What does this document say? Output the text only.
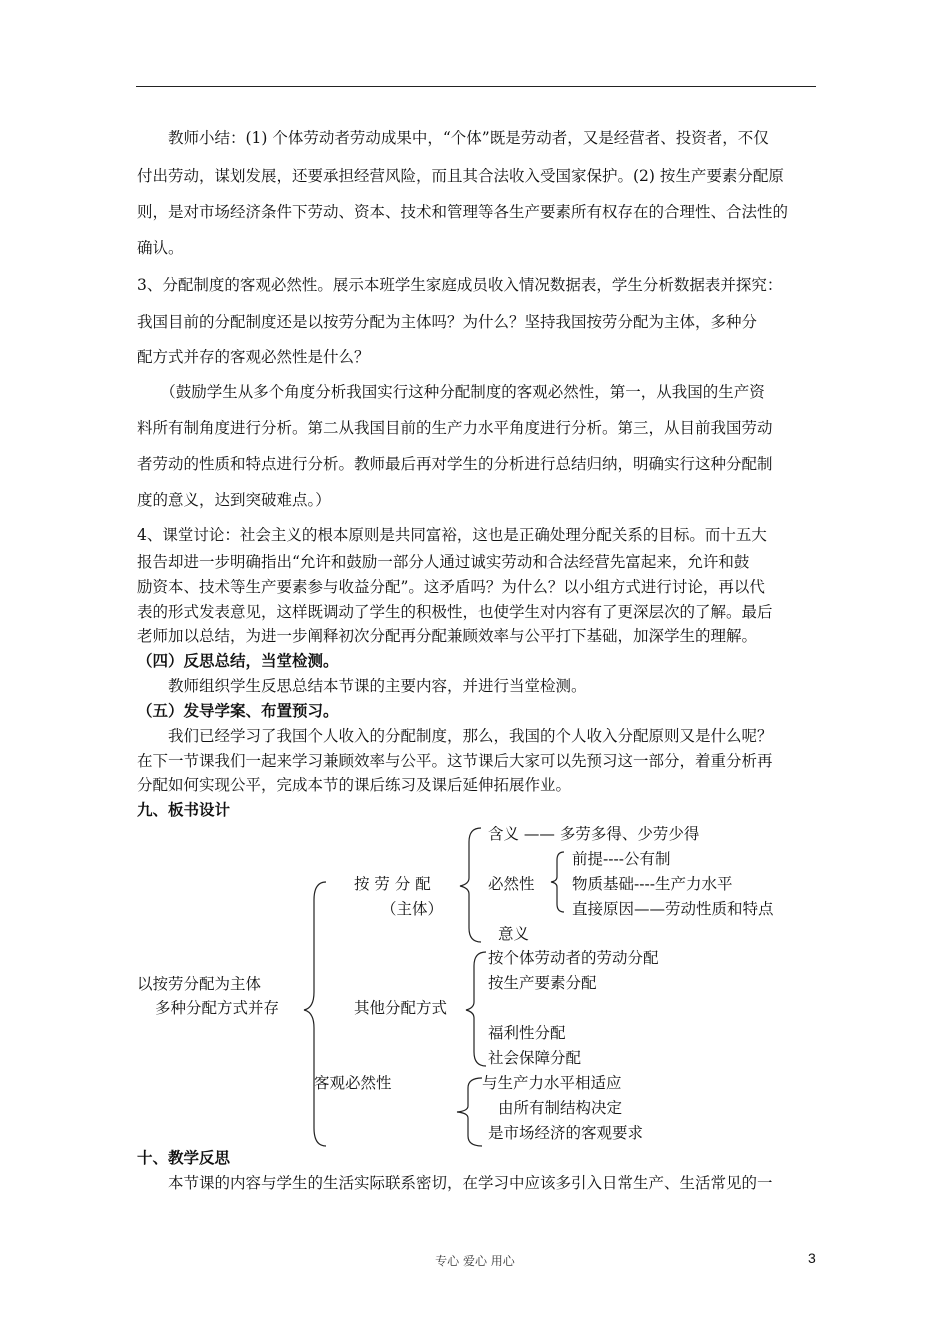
　　教师小结：(1) 个体劳动者劳动成果中，“个体”既是劳动者，又是经营者、投资者，不仅
付出劳动，谋划发展，还要承担经营风险，而且其合法收入受国家保护。(2) 按生产要素分配原
则，是对市场经济条件下劳动、资本、技术和管理等各生产要素所有权存在的合理性、合法性的
确认。
3、分配制度的客观必然性。展示本班学生家庭成员收入情况数据表，学生分析数据表并探究：
我国目前的分配制度还是以按劳分配为主体吗？为什么？坚持我国按劳分配为主体，多种分
配方式并存的客观必然性是什么？
　　（鼓励学生从多个角度分析我国实行这种分配制度的客观必然性，第一，从我国的生产资
料所有制角度进行分析。第二从我国目前的生产力水平角度进行分析。第三，从目前我国劳动
者劳动的性质和特点进行分析。教师最后再对学生的分析进行总结归纳，明确实行这种分配制
度的意义，达到突破难点。）
4、课堂讨论：社会主义的根本原则是共同富裕，这也是正确处理分配关系的目标。而十五大
报告却进一步明确指出“允许和鼓励一部分人通过诚实劳动和合法经营先富起来，允许和鼓
励资本、技术等生产要素参与收益分配”。这矛盾吗？为什么？以小组方式进行讨论，再以代
表的形式发表意见，这样既调动了学生的积极性，也使学生对内容有了更深层次的了解。最后
老师加以总结，为进一步阐释初次分配再分配兼顾效率与公平打下基础，加深学生的理解。
（四）反思总结，当堂检测。
　　教师组织学生反思总结本节课的主要内容，并进行当堂检测。
（五）发导学案、布置预习。
　　我们已经学习了我国个人收入的分配制度，那么，我国的个人收入分配原则又是什么呢？
在下一节课我们一起来学习兼顾效率与公平。这节课后大家可以先预习这一部分，着重分析再
分配如何实现公平，完成本节的课后练习及课后延伸拓展作业。
九、板书设计
以按劳分配为主体
多种分配方式并存
按 劳 分 配
（主体）
含义 —— 多劳多得、少劳少得
必然性
前提----公有制
物质基础----生产力水平
直接原因——劳动性质和特点
意义
其他分配方式
按个体劳动者的劳动分配
按生产要素分配
福利性分配
社会保障分配
客观必然性	与生产力水平相适应
由所有制结构决定
是市场经济的客观要求
十、教学反思
　　本节课的内容与学生的生活实际联系密切，在学习中应该多引入日常生产、生活常见的一
专心 爱心 用心	3
